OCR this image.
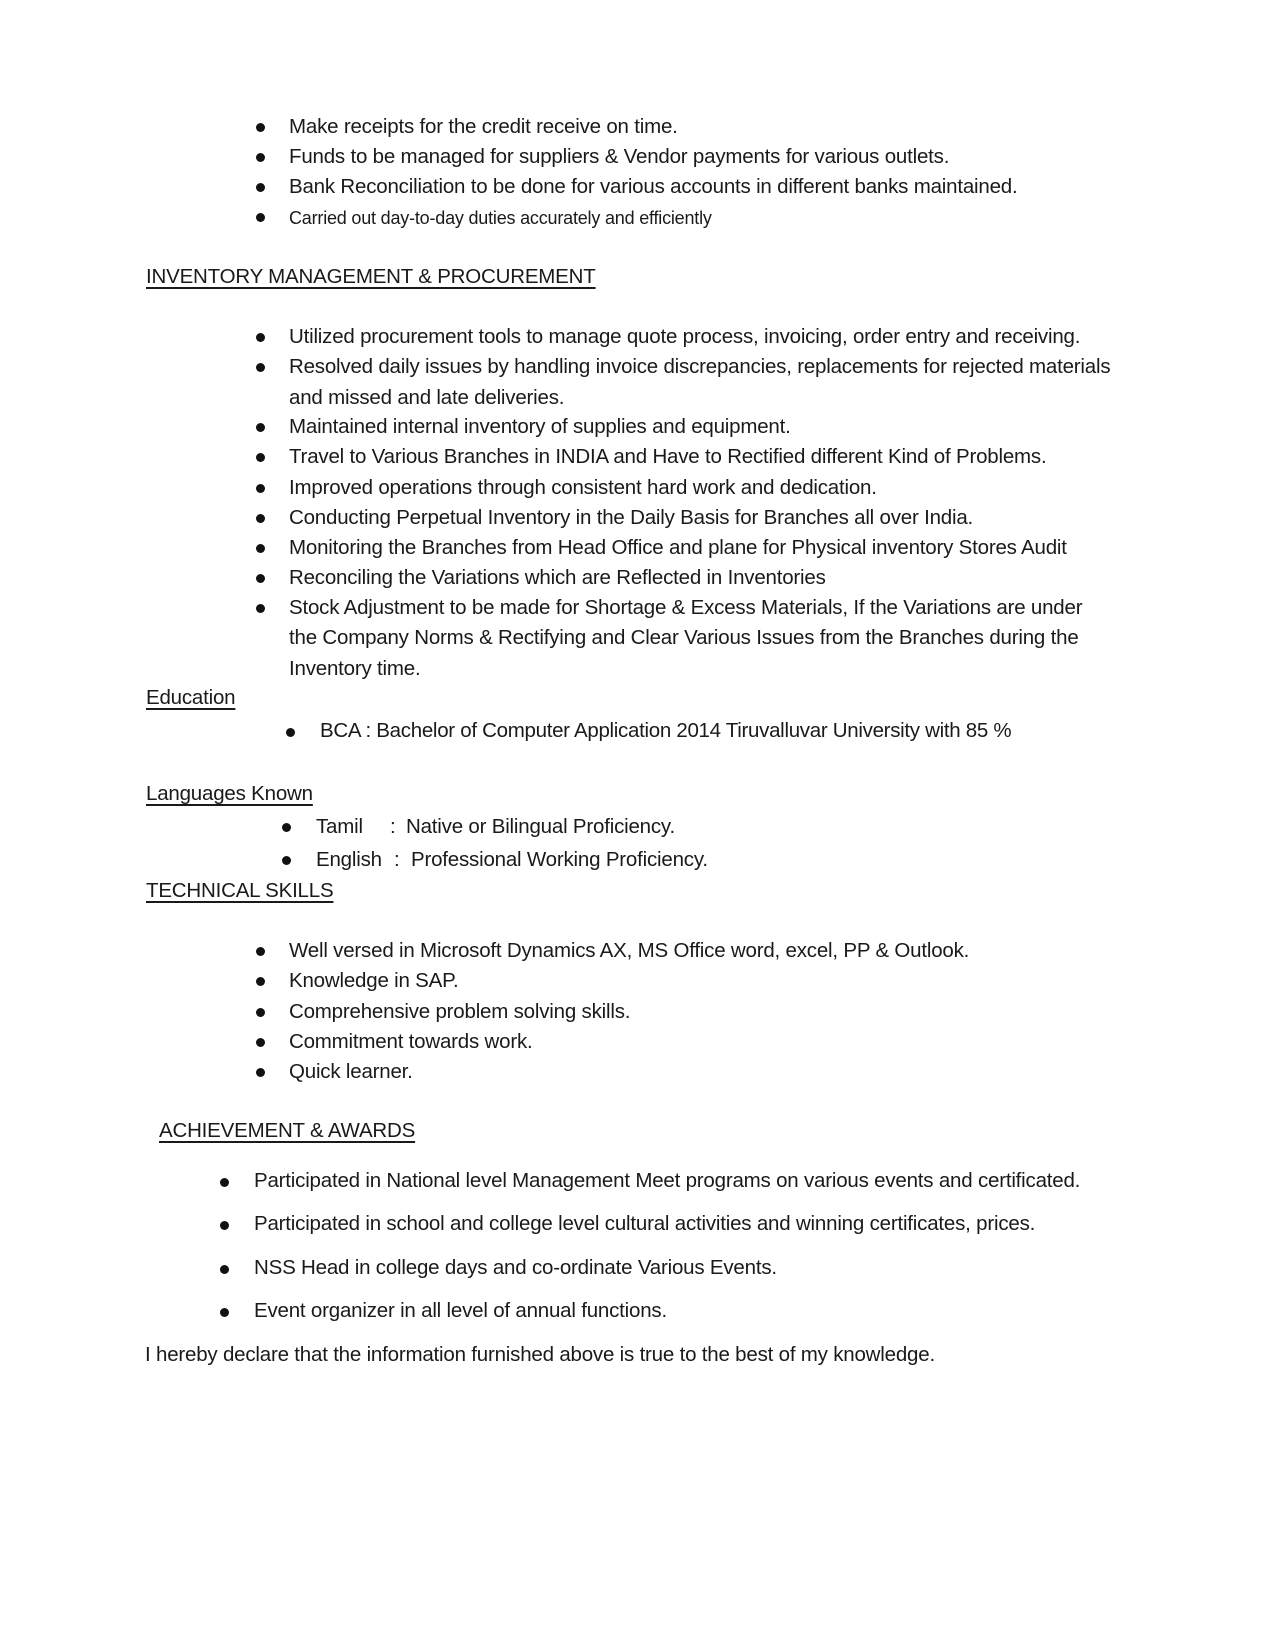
Make receipts for the credit receive on time.
Funds to be managed for suppliers & Vendor payments for various outlets.
Bank Reconciliation to be done for various accounts in different banks maintained.
Carried out day-to-day duties accurately and efficiently
INVENTORY MANAGEMENT & PROCUREMENT
Utilized procurement tools to manage quote process, invoicing, order entry and receiving.
Resolved daily issues by handling invoice discrepancies, replacements for rejected materials
and missed and late deliveries.
Maintained internal inventory of supplies and equipment.
Travel to Various Branches in INDIA and Have to Rectified different Kind of Problems.
Improved operations through consistent hard work and dedication.
Conducting Perpetual Inventory in the Daily Basis for Branches all over India.
Monitoring the Branches from Head Office and plane for Physical inventory Stores Audit
Reconciling the Variations which are Reflected in Inventories
Stock Adjustment to be made for Shortage & Excess Materials, If the Variations are under
the Company Norms & Rectifying and Clear Various Issues from the Branches during the
Inventory time.
Education
BCA : Bachelor of Computer Application 2014 Tiruvalluvar University with 85 %
Languages Known
Tamil : Native or Bilingual Proficiency.
English : Professional Working Proficiency.
TECHNICAL SKILLS
Well versed in Microsoft Dynamics AX, MS Office word, excel, PP & Outlook.
Knowledge in SAP.
Comprehensive problem solving skills.
Commitment towards work.
Quick learner.
ACHIEVEMENT & AWARDS
Participated in National level Management Meet programs on various events and certificated.
Participated in school and college level cultural activities and winning certificates, prices.
NSS Head in college days and co-ordinate Various Events.
Event organizer in all level of annual functions.
I hereby declare that the information furnished above is true to the best of my knowledge.
